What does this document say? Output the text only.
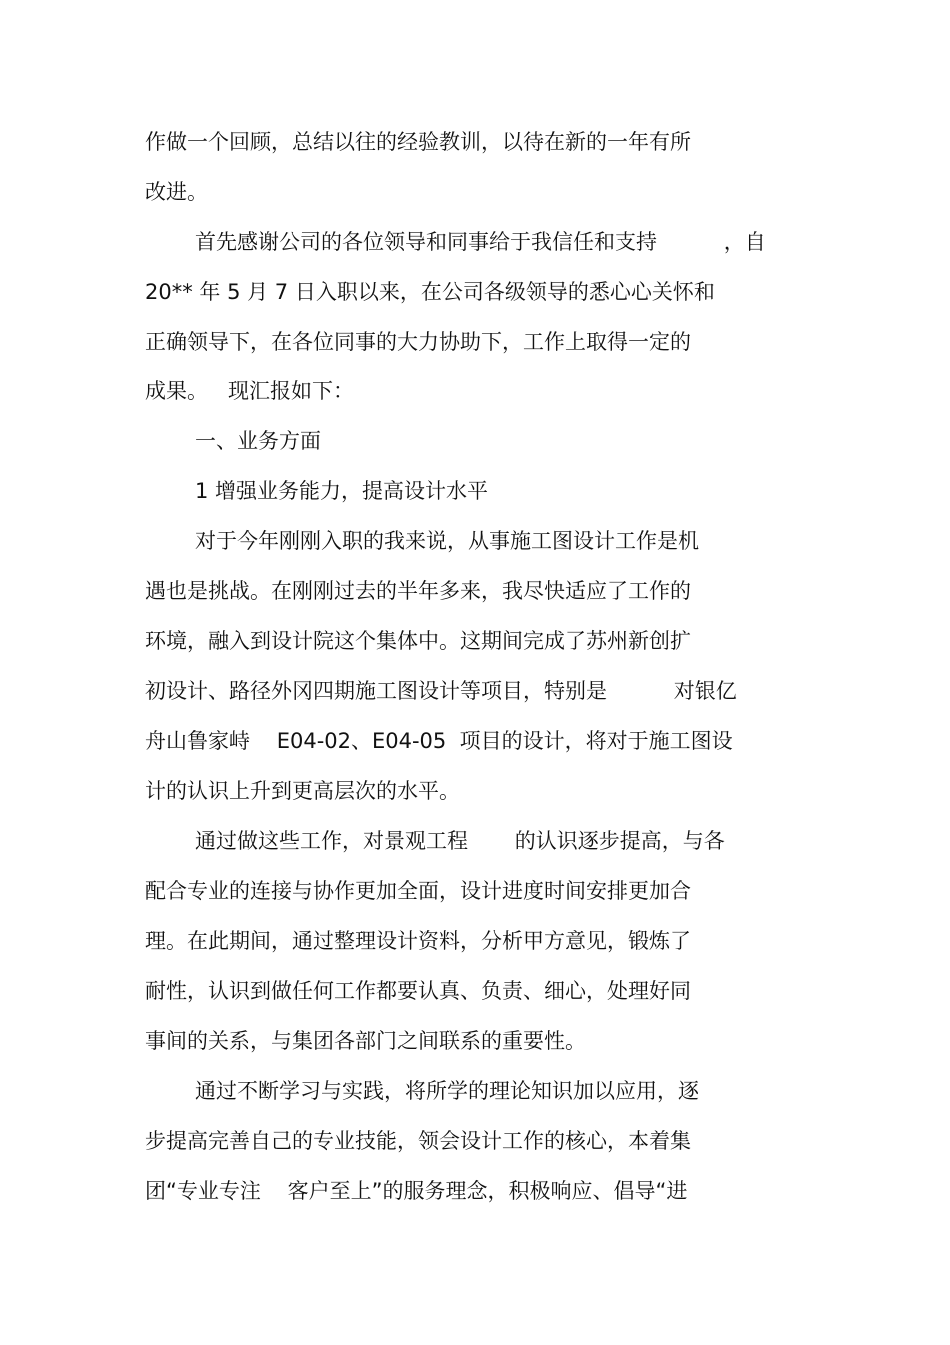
作做一个回顾，总结以往的经验教训，以待在新的一年有所
改进。
首先感谢公司的各位领导和同事给于我信任和支持          ，自
20** 年 5 月 7 日入职以来，在公司各级领导的悉心心关怀和
正确领导下，在各位同事的大力协助下，工作上取得一定的
成果。   现汇报如下：
一、业务方面
1 增强业务能力，提高设计水平
对于今年刚刚入职的我来说，从事施工图设计工作是机
遇也是挑战。在刚刚过去的半年多来，我尽快适应了工作的
环境，融入到设计院这个集体中。这期间完成了苏州新创扩
初设计、路径外冈四期施工图设计等项目，特别是          对银亿
舟山鲁家峙    E04-02、E04-05  项目的设计，将对于施工图设
计的认识上升到更高层次的水平。
通过做这些工作，对景观工程       的认识逐步提高，与各
配合专业的连接与协作更加全面，设计进度时间安排更加合
理。在此期间，通过整理设计资料，分析甲方意见，锻炼了
耐性，认识到做任何工作都要认真、负责、细心，处理好同
事间的关系，与集团各部门之间联系的重要性。
通过不断学习与实践，将所学的理论知识加以应用，逐
步提高完善自己的专业技能，领会设计工作的核心，本着集
团“专业专注    客户至上”的服务理念，积极响应、倡导“进
